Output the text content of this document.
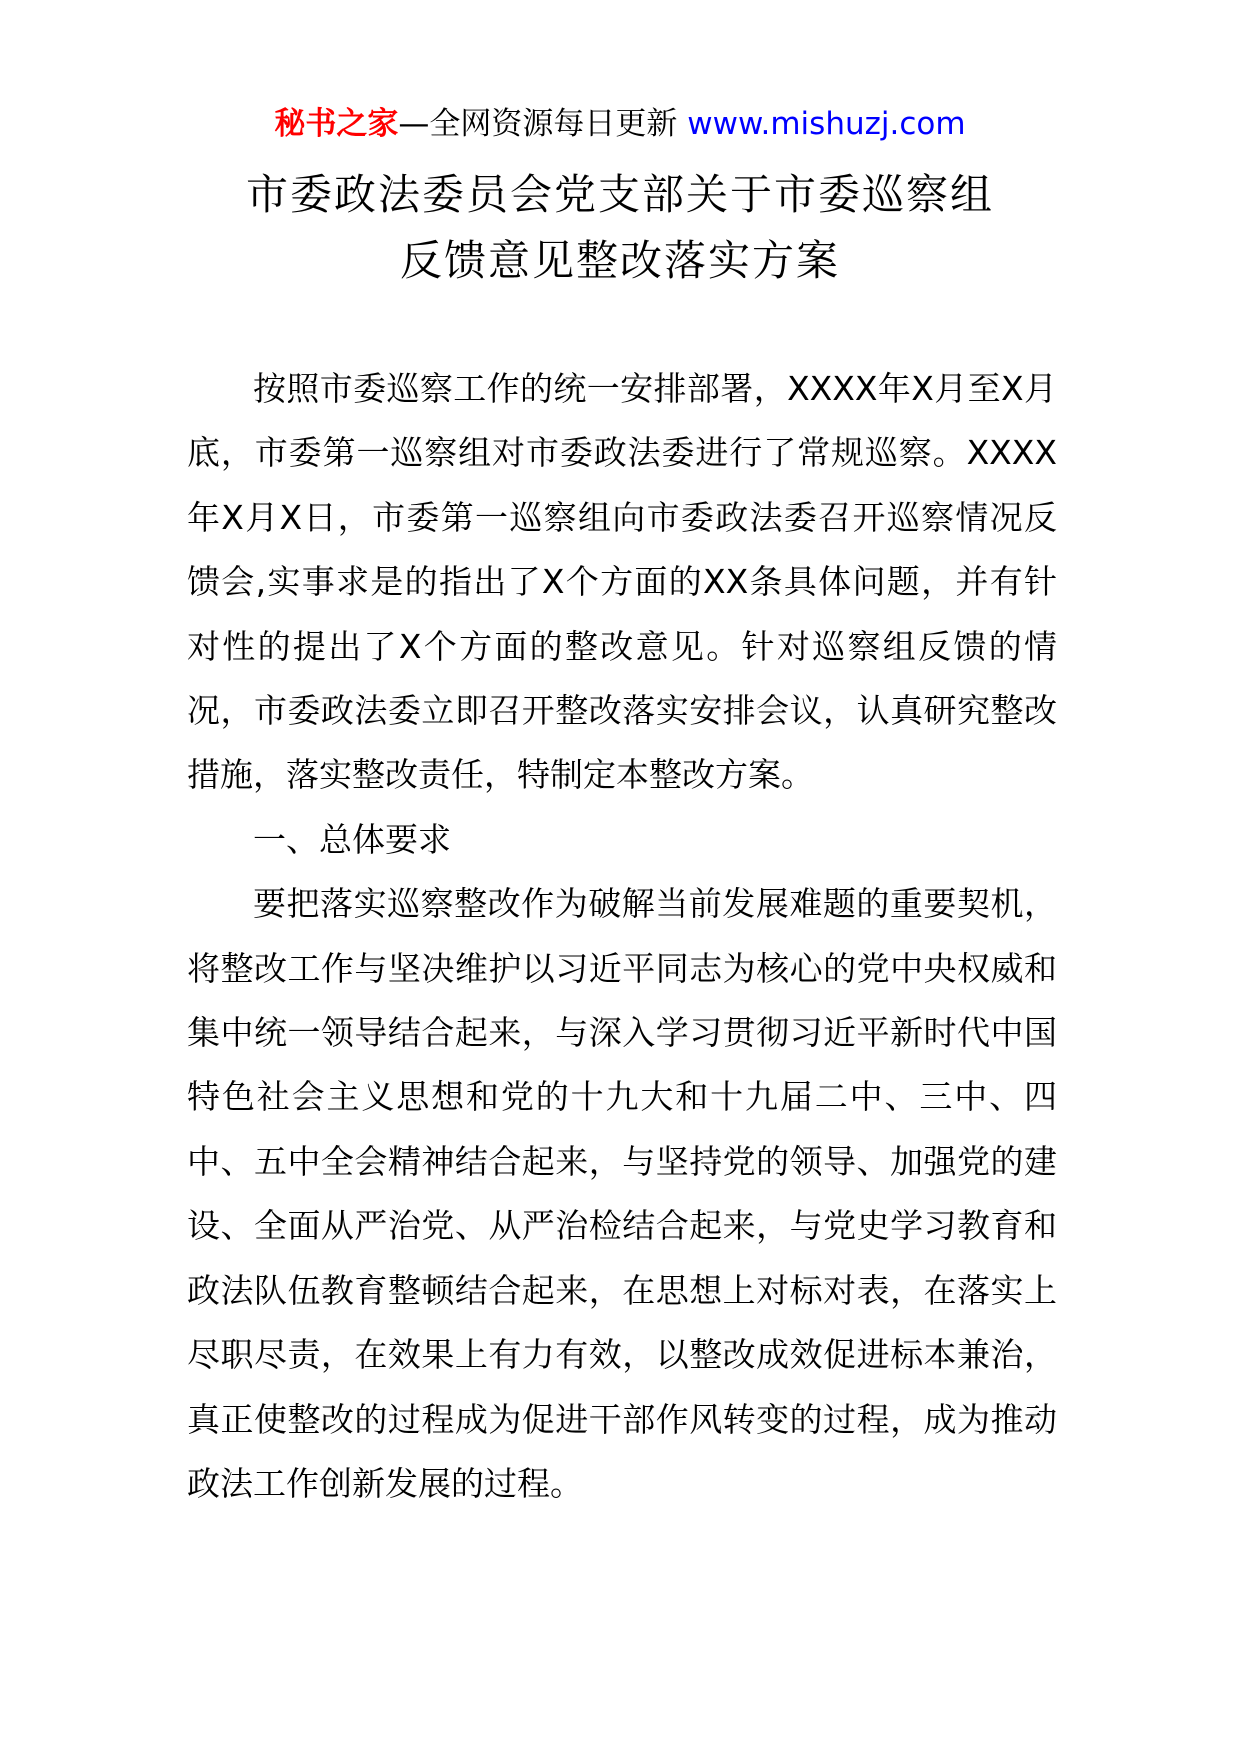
秘书之家—全网资源每日更新 www.mishuzj.com
市委政法委员会党支部关于市委巡察组
反馈意见整改落实方案

按照市委巡察工作的统一安排部署，XXXX年X月至X月底，市委第一巡察组对市委政法委进行了常规巡察。XXXX年X月X日，市委第一巡察组向市委政法委召开巡察情况反馈会,实事求是的指出了X个方面的XX条具体问题，并有针对性的提出了X个方面的整改意见。针对巡察组反馈的情况，市委政法委立即召开整改落实安排会议，认真研究整改措施，落实整改责任，特制定本整改方案。

一、总体要求

要把落实巡察整改作为破解当前发展难题的重要契机，将整改工作与坚决维护以习近平同志为核心的党中央权威和集中统一领导结合起来，与深入学习贯彻习近平新时代中国特色社会主义思想和党的十九大和十九届二中、三中、四中、五中全会精神结合起来，与坚持党的领导、加强党的建设、全面从严治党、从严治检结合起来，与党史学习教育和政法队伍教育整顿结合起来，在思想上对标对表，在落实上尽职尽责，在效果上有力有效，以整改成效促进标本兼治，真正使整改的过程成为促进干部作风转变的过程，成为推动政法工作创新发展的过程。
